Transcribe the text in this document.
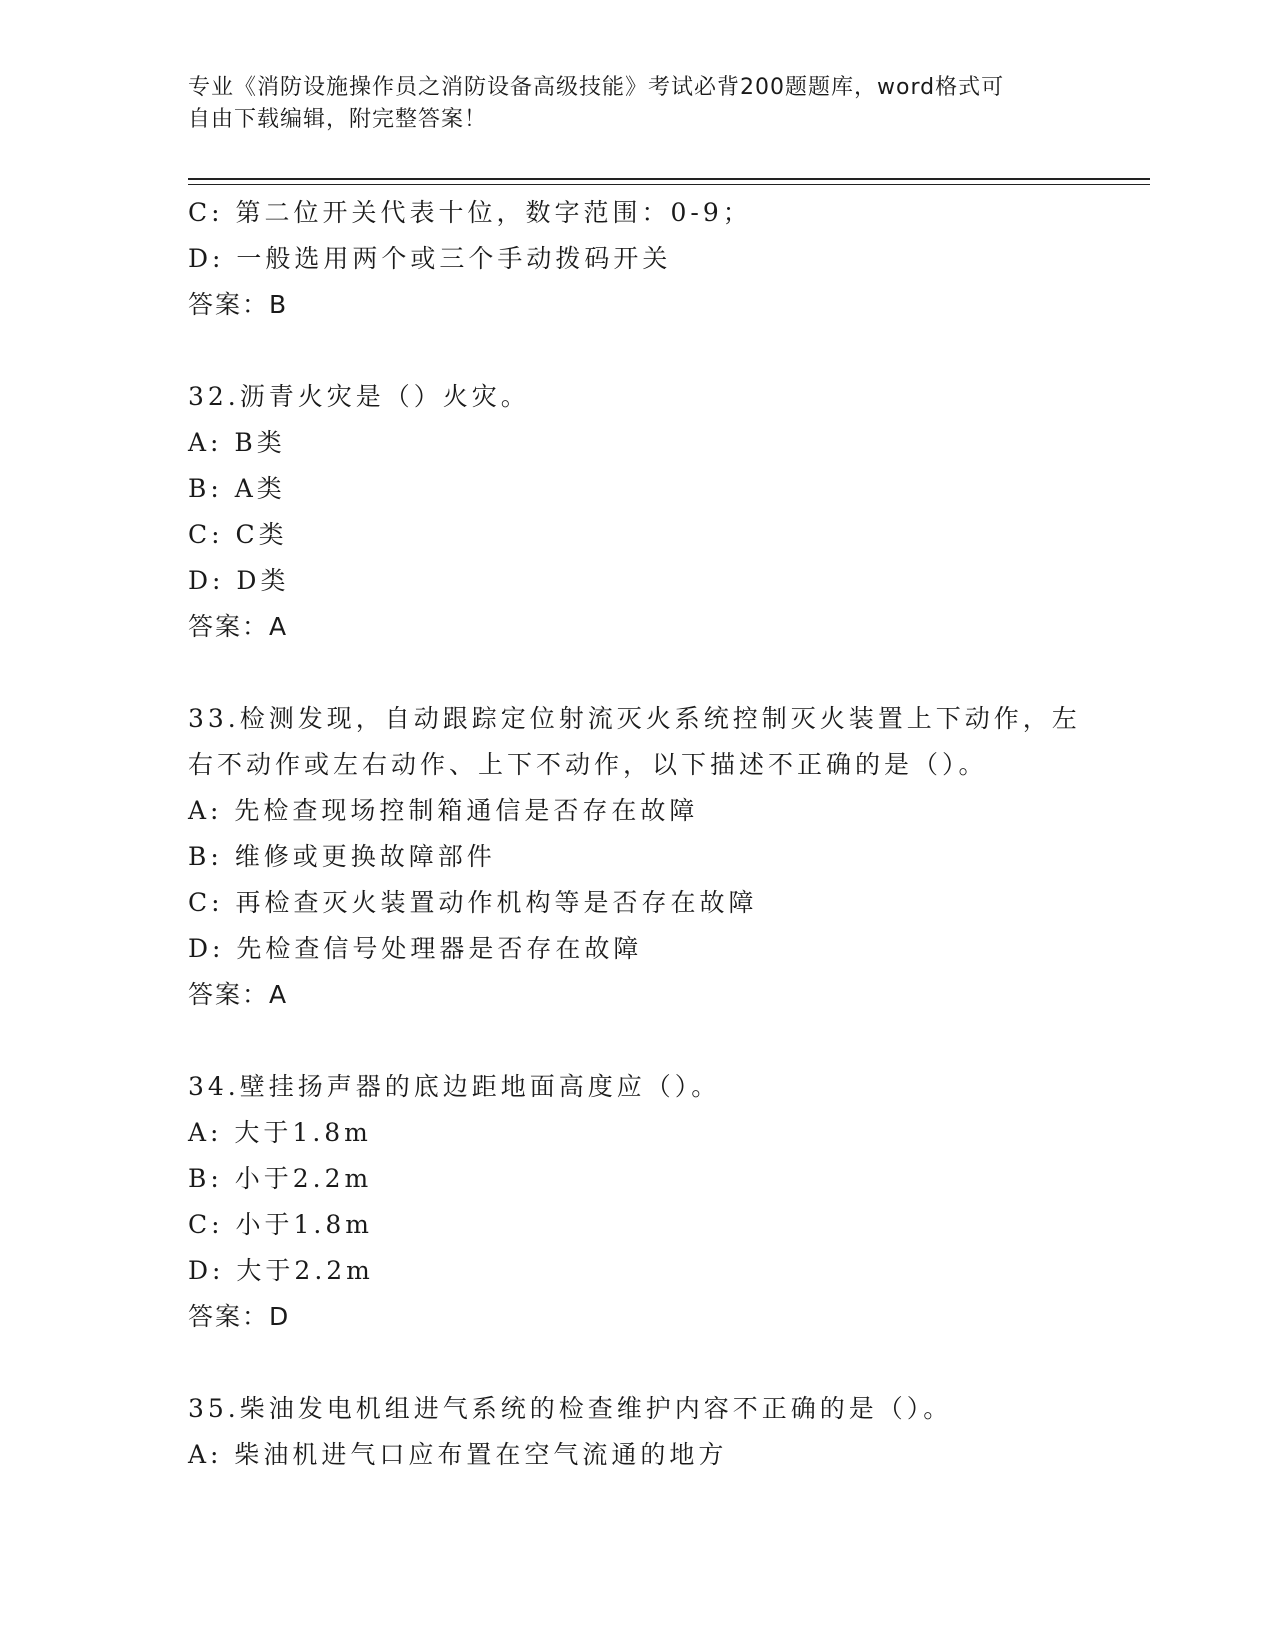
专业《消防设施操作员之消防设备高级技能》考试必背200题题库，word格式可
自由下载编辑，附完整答案！
C: 第二位开关代表十位，数字范围：0-9；
D: 一般选用两个或三个手动拨码开关
答案：B
32.沥青火灾是（）火灾。
A: B类
B: A类
C: C类
D: D类
答案：A
33.检测发现，自动跟踪定位射流灭火系统控制灭火装置上下动作，左
右不动作或左右动作、上下不动作，以下描述不正确的是（）。
A: 先检查现场控制箱通信是否存在故障
B: 维修或更换故障部件
C: 再检查灭火装置动作机构等是否存在故障
D: 先检查信号处理器是否存在故障
答案：A
34.壁挂扬声器的底边距地面高度应（）。
A: 大于1.8m
B: 小于2.2m
C: 小于1.8m
D: 大于2.2m
答案：D
35.柴油发电机组进气系统的检查维护内容不正确的是（）。
A: 柴油机进气口应布置在空气流通的地方
